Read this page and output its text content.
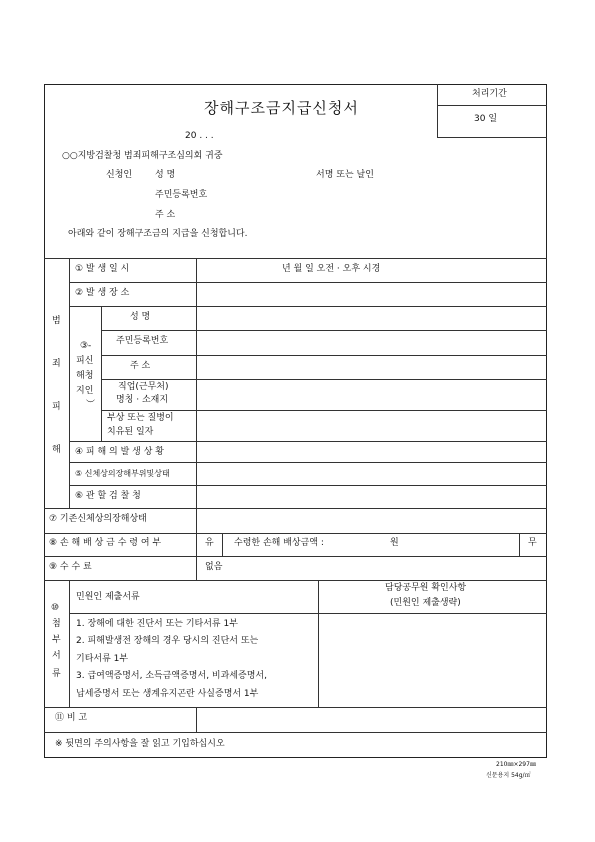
장해구조금지급신청서
처리기간
30 일
20 . . .
○○지방검찰청 범죄피해구조심의회 귀중
신청인	성 명	서명 또는 날인
주민등록번호
주 소
아래와 같이 장해구조금의 지급을 신청합니다.
범
죄
피
해
① 발 생 일 시	년 월 일 오전 · 오후 시경
② 발 생 장 소
③ -
피신
해청
지인
︶
성 명
주민등록번호
주 소
직업(근무처)
명칭 · 소재지
부상 또는 질병이
치유된 일자
④ 피 해 의 발 생 상 황
⑤ 신체상의장해부위및상태
⑥ 관 할 검 찰 청
⑦ 기존신체상의장해상태
⑧ 손 해 배 상 금 수 령 여 부	유 수령한 손해 배상금액 :	원	무
⑨ 수 수 료	없음
⑩
첨
부
서
류
민원인 제출서류
담당공무원 확인사항
(민원인 제출생략)
1. 장해에 대한 진단서 또는 기타서류 1부
2. 피해발생전 장해의 경우 당시의 진단서 또는
기타서류 1부
3. 급여액증명서, 소득금액증명서, 비과세증명서,
납세증명서 또는 생계유지곤란 사실증명서 1부
⑪ 비 고
※ 뒷면의 주의사항을 잘 읽고 기입하십시오
210㎜×297㎜
신문용지 54g/㎡
